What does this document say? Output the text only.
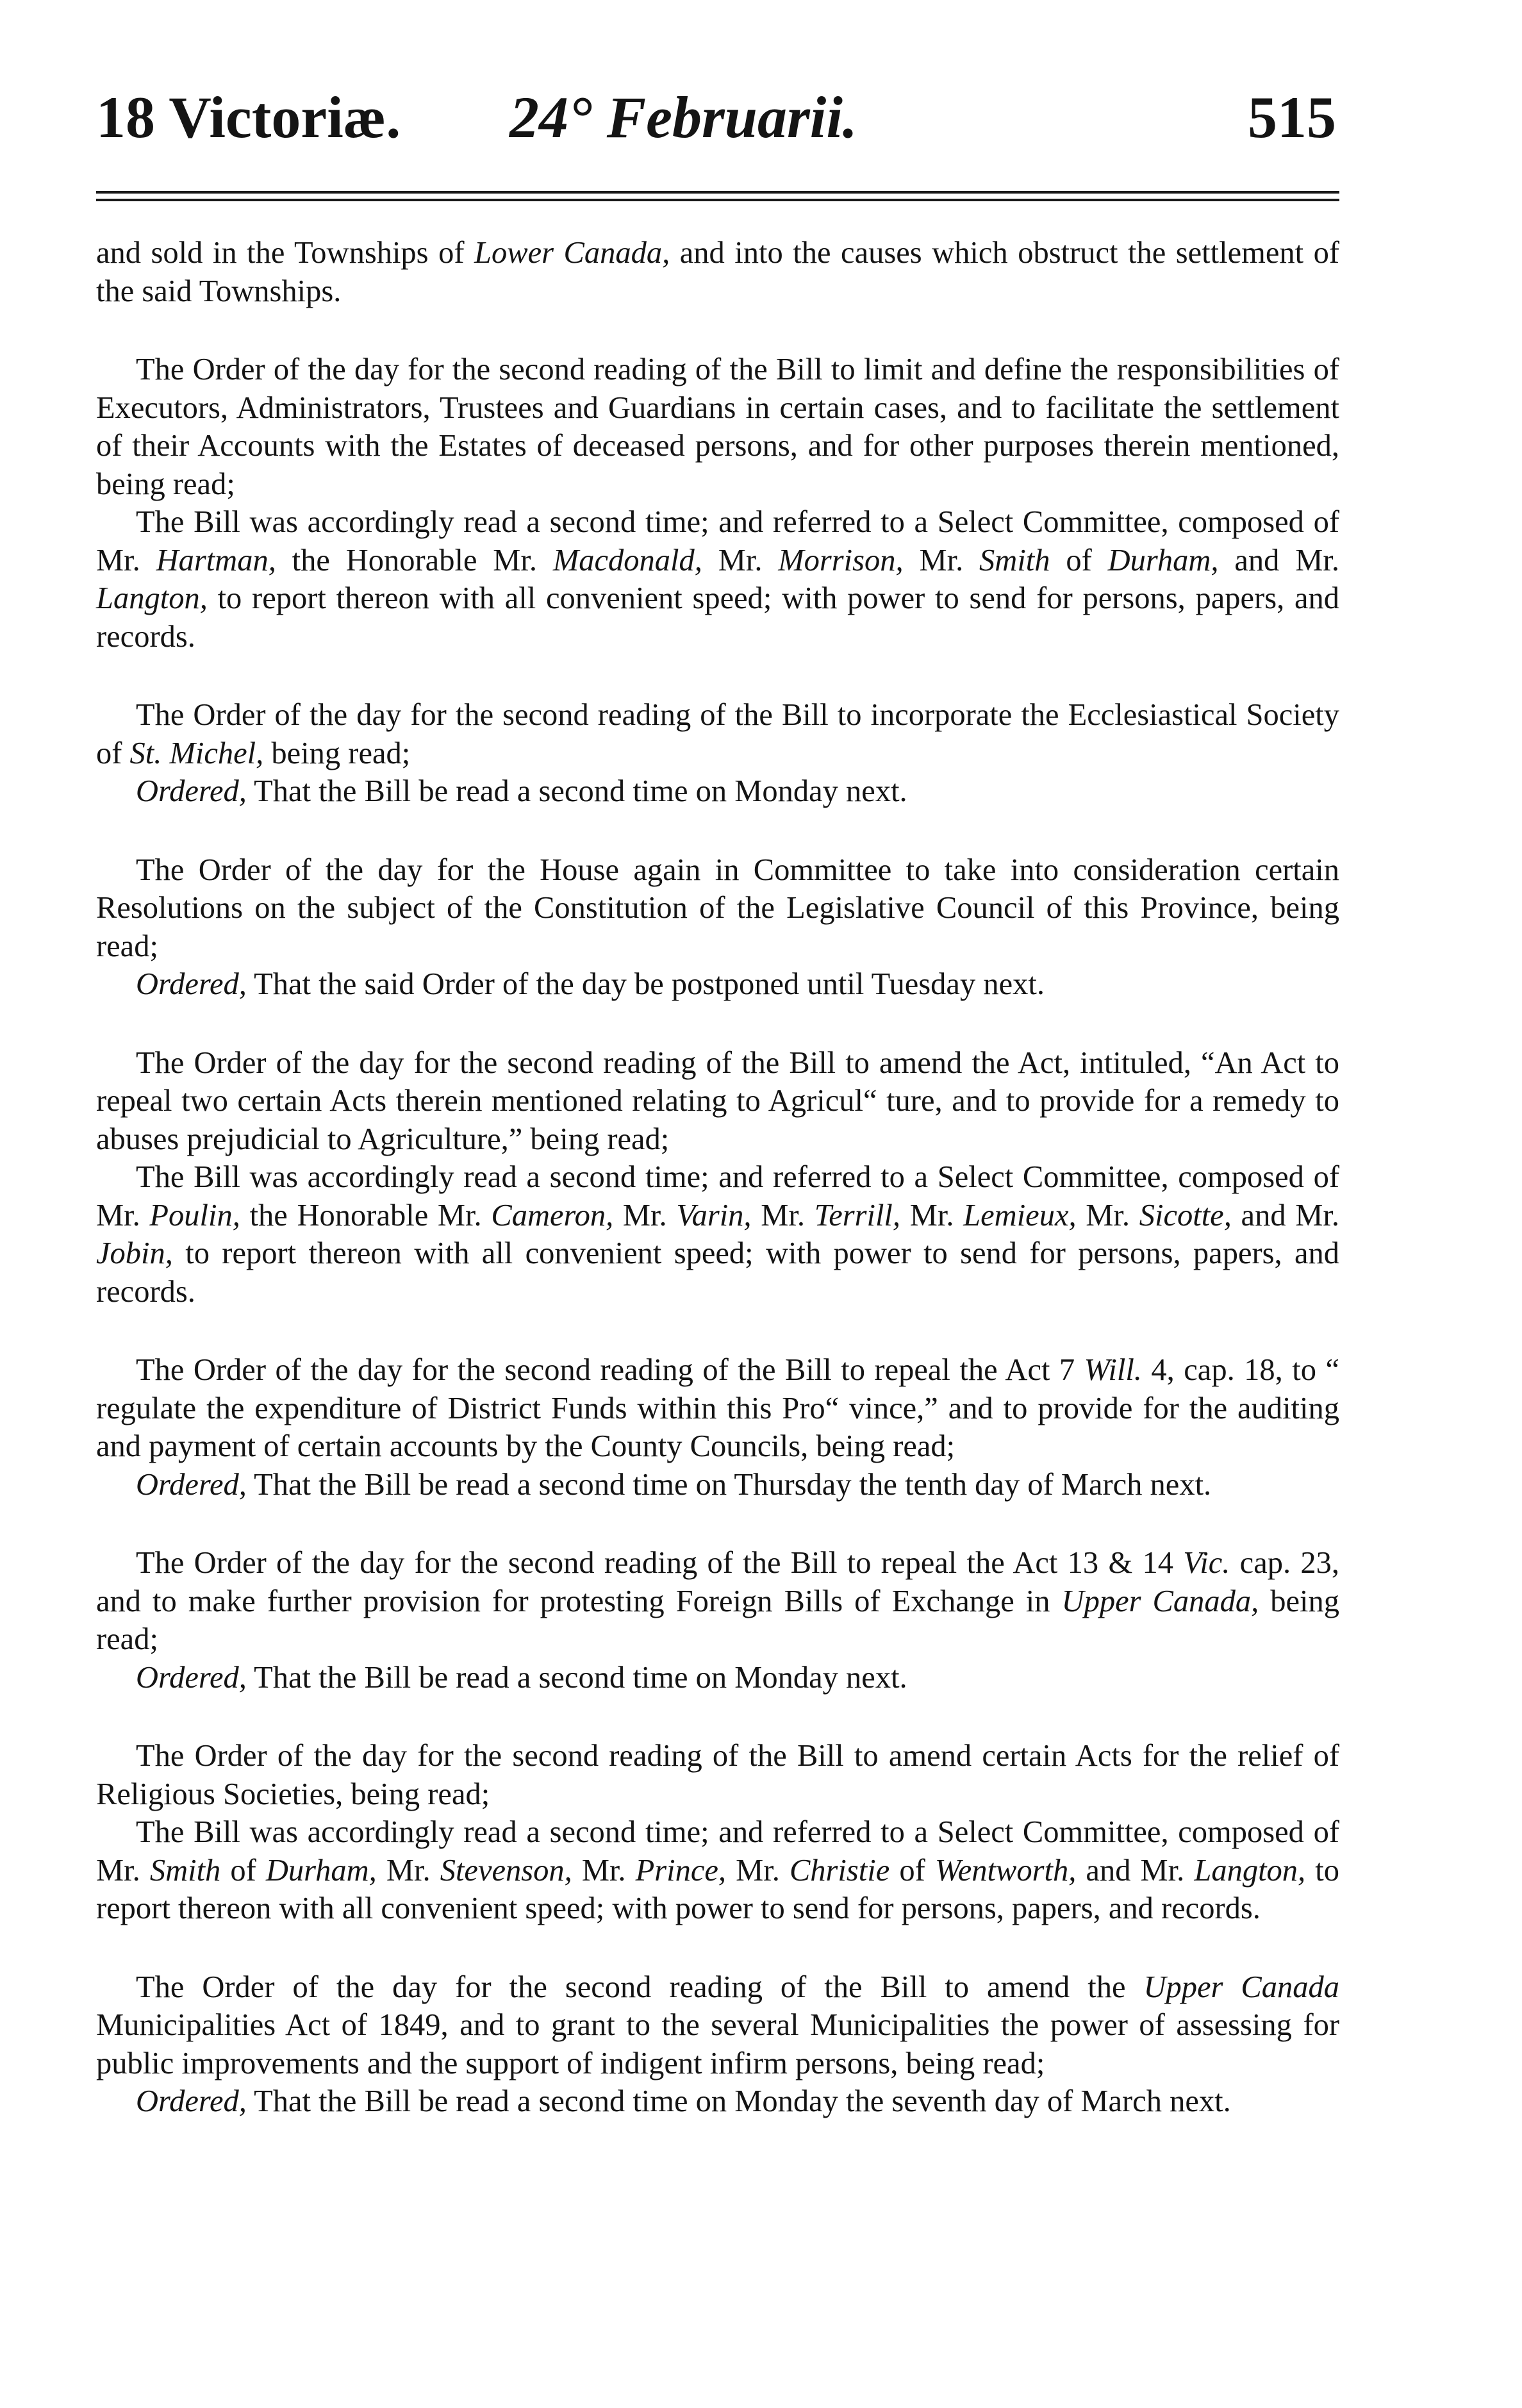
18 Victoriæ. 24° Februarii.	515

and sold in the Townships of Lower Canada, and into the causes which obstruct the settlement of the said Townships.

The Order of the day for the second reading of the Bill to limit and define the responsibilities of Executors, Administrators, Trustees and Guardians in certain cases, and to facilitate the settlement of their Accounts with the Estates of deceased persons, and for other purposes therein mentioned, being read;

The Bill was accordingly read a second time; and referred to a Select Committee, composed of Mr. Hartman, the Honorable Mr. Macdonald, Mr. Morrison, Mr. Smith of Durham, and Mr. Langton, to report thereon with all convenient speed; with power to send for persons, papers, and records.

The Order of the day for the second reading of the Bill to incorporate the Ecclesiastical Society of St. Michel, being read;

Ordered, That the Bill be read a second time on Monday next.

The Order of the day for the House again in Committee to take into consideration certain Resolutions on the subject of the Constitution of the Legislative Council of this Province, being read;

Ordered, That the said Order of the day be postponed until Tuesday next.

The Order of the day for the second reading of the Bill to amend the Act, intituled, “An Act to repeal two certain Acts therein mentioned relating to Agricul“ ture, and to provide for a remedy to abuses prejudicial to Agriculture,” being read;

The Bill was accordingly read a second time; and referred to a Select Committee, composed of Mr. Poulin, the Honorable Mr. Cameron, Mr. Varin, Mr. Terrill, Mr. Lemieux, Mr. Sicotte, and Mr. Jobin, to report thereon with all convenient speed; with power to send for persons, papers, and records.

The Order of the day for the second reading of the Bill to repeal the Act 7 Will. 4, cap. 18, to “ regulate the expenditure of District Funds within this Pro“ vince,” and to provide for the auditing and payment of certain accounts by the County Councils, being read;

Ordered, That the Bill be read a second time on Thursday the tenth day of March next.

The Order of the day for the second reading of the Bill to repeal the Act 13 & 14 Vic. cap. 23, and to make further provision for protesting Foreign Bills of Exchange in Upper Canada, being read;

Ordered, That the Bill be read a second time on Monday next.

The Order of the day for the second reading of the Bill to amend certain Acts for the relief of Religious Societies, being read;

The Bill was accordingly read a second time; and referred to a Select Committee, composed of Mr. Smith of Durham, Mr. Stevenson, Mr. Prince, Mr. Christie of Wentworth, and Mr. Langton, to report thereon with all convenient speed; with power to send for persons, papers, and records.

The Order of the day for the second reading of the Bill to amend the Upper Canada Municipalities Act of 1849, and to grant to the several Municipalities the power of assessing for public improvements and the support of indigent infirm persons, being read;

Ordered, That the Bill be read a second time on Monday the seventh day of March next.
